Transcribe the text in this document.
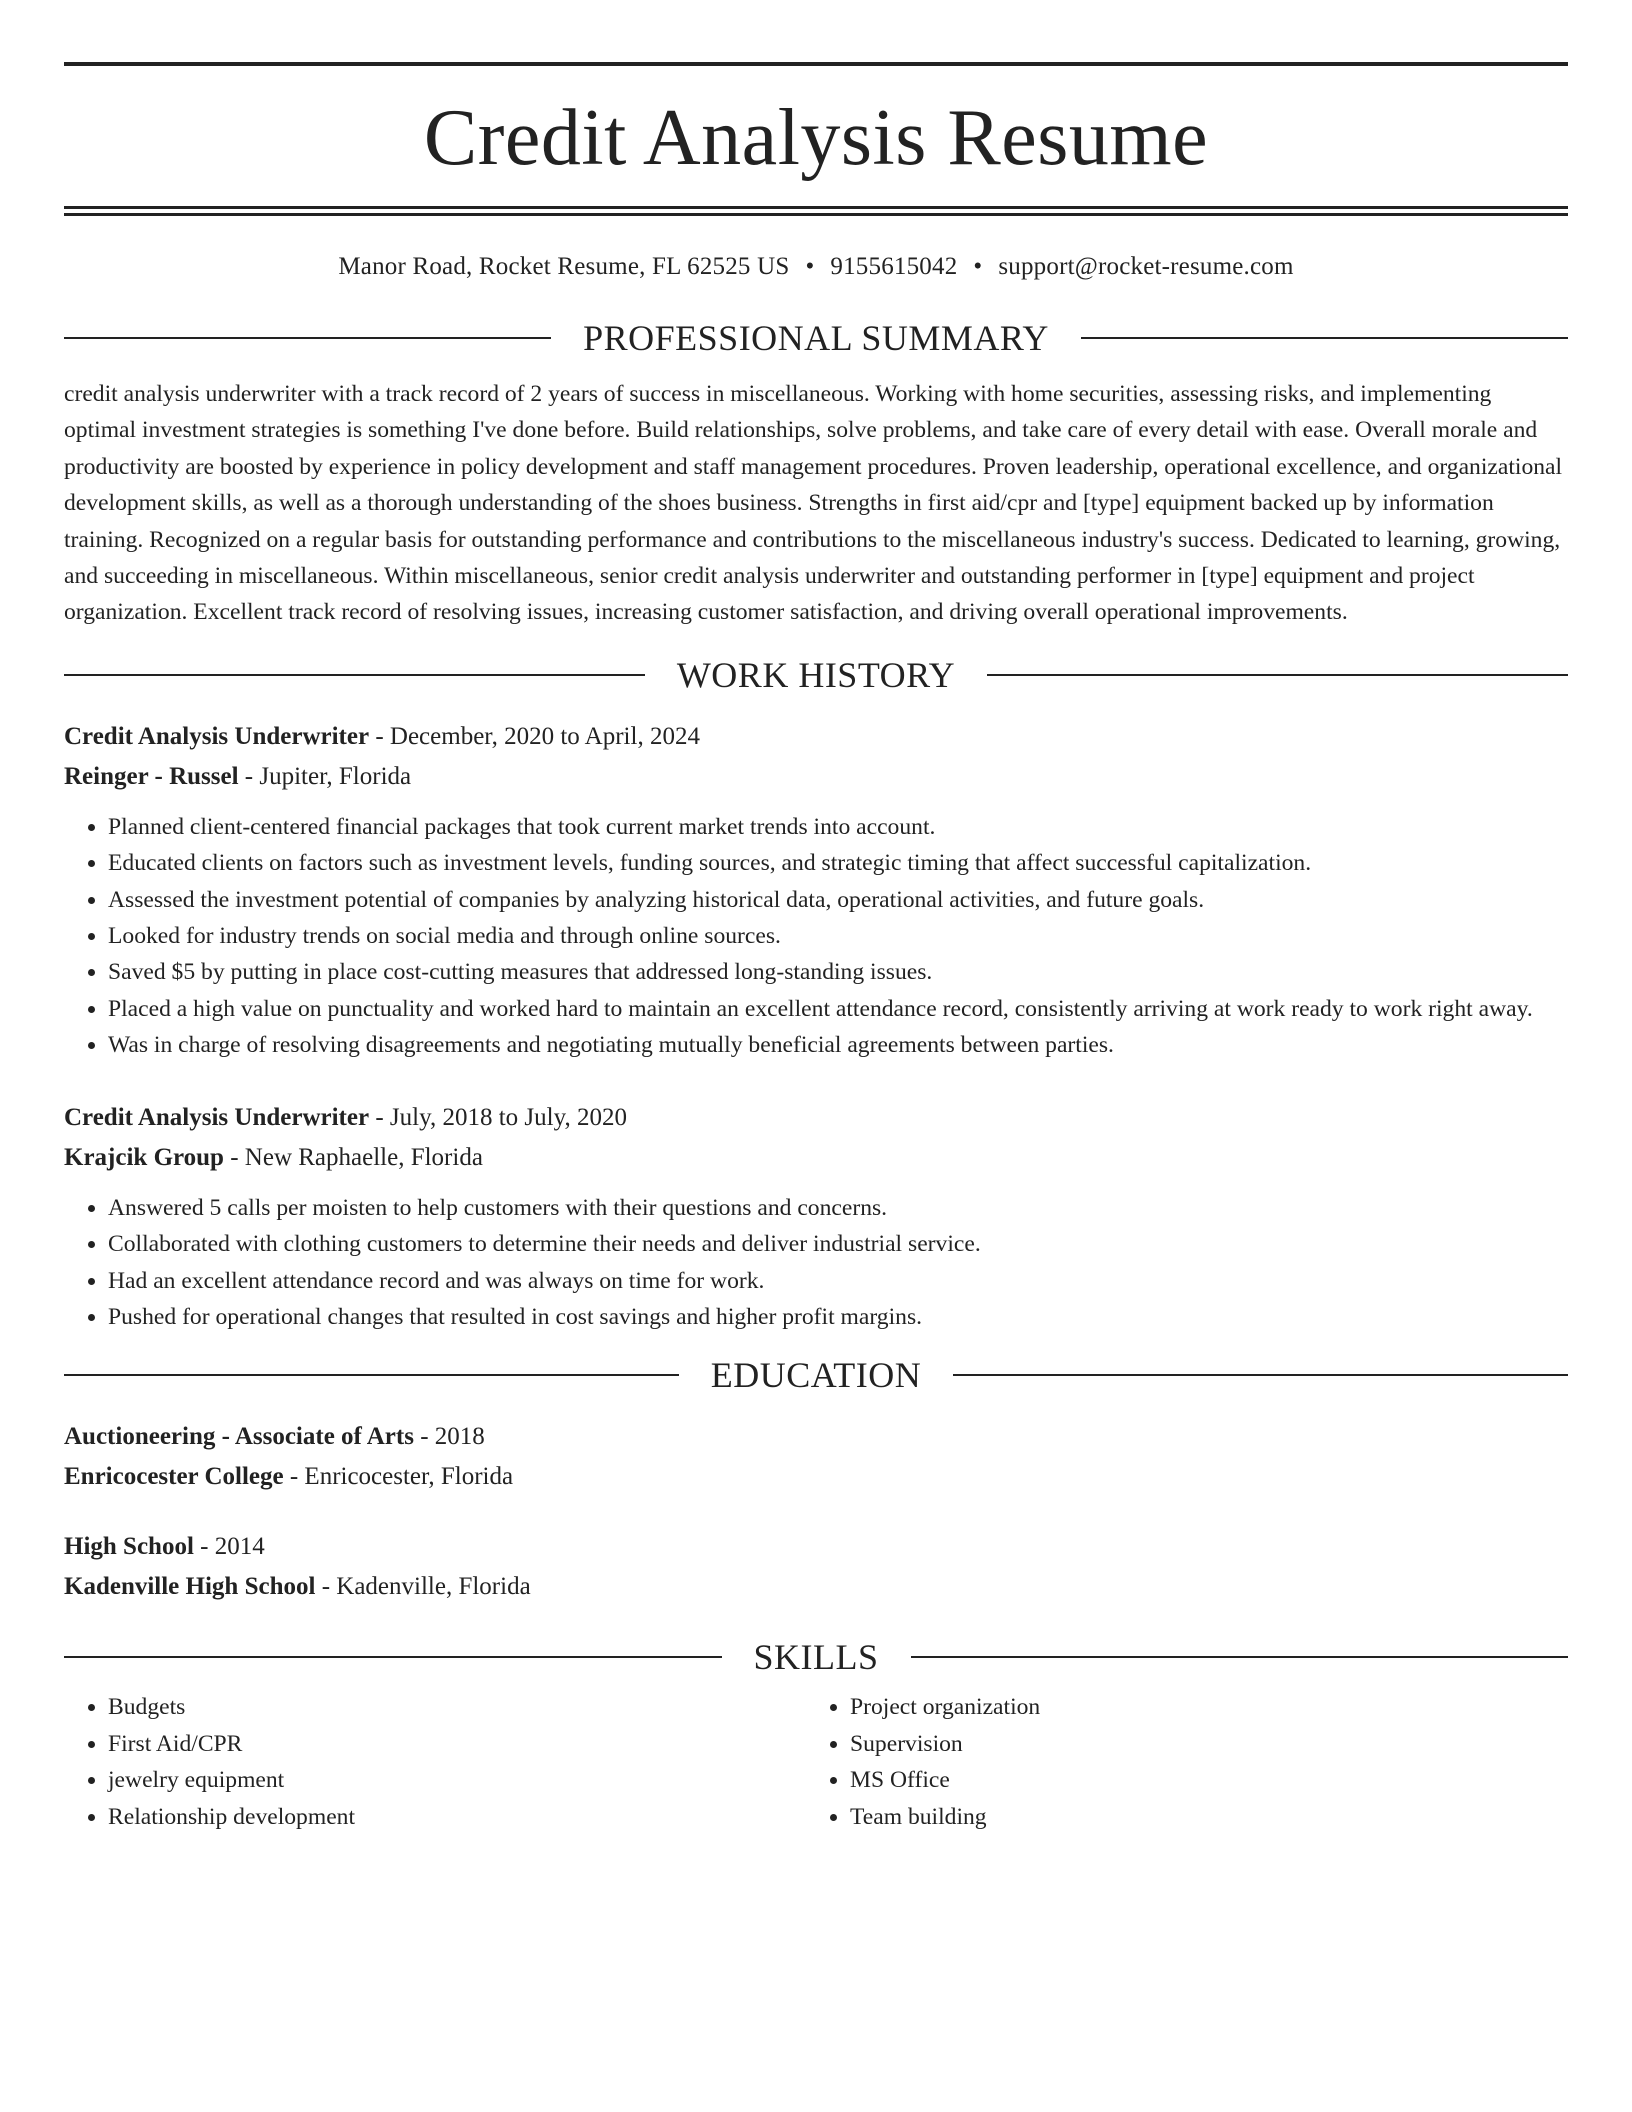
Credit Analysis Resume
Manor Road, Rocket Resume, FL 62525 US • 9155615042 • support@rocket-resume.com
PROFESSIONAL SUMMARY
credit analysis underwriter with a track record of 2 years of success in miscellaneous. Working with home securities, assessing risks, and implementing optimal investment strategies is something I've done before. Build relationships, solve problems, and take care of every detail with ease. Overall morale and productivity are boosted by experience in policy development and staff management procedures. Proven leadership, operational excellence, and organizational development skills, as well as a thorough understanding of the shoes business. Strengths in first aid/cpr and [type] equipment backed up by information training. Recognized on a regular basis for outstanding performance and contributions to the miscellaneous industry's success. Dedicated to learning, growing, and succeeding in miscellaneous. Within miscellaneous, senior credit analysis underwriter and outstanding performer in [type] equipment and project organization. Excellent track record of resolving issues, increasing customer satisfaction, and driving overall operational improvements.
WORK HISTORY
Credit Analysis Underwriter - December, 2020 to April, 2024
Reinger - Russel - Jupiter, Florida
• Planned client-centered financial packages that took current market trends into account.
• Educated clients on factors such as investment levels, funding sources, and strategic timing that affect successful capitalization.
• Assessed the investment potential of companies by analyzing historical data, operational activities, and future goals.
• Looked for industry trends on social media and through online sources.
• Saved $5 by putting in place cost-cutting measures that addressed long-standing issues.
• Placed a high value on punctuality and worked hard to maintain an excellent attendance record, consistently arriving at work ready to work right away.
• Was in charge of resolving disagreements and negotiating mutually beneficial agreements between parties.
Credit Analysis Underwriter - July, 2018 to July, 2020
Krajcik Group - New Raphaelle, Florida
• Answered 5 calls per moisten to help customers with their questions and concerns.
• Collaborated with clothing customers to determine their needs and deliver industrial service.
• Had an excellent attendance record and was always on time for work.
• Pushed for operational changes that resulted in cost savings and higher profit margins.
EDUCATION
Auctioneering - Associate of Arts - 2018
Enricocester College - Enricocester, Florida
High School - 2014
Kadenville High School - Kadenville, Florida
SKILLS
• Budgets
• First Aid/CPR
• jewelry equipment
• Relationship development
• Project organization
• Supervision
• MS Office
• Team building
